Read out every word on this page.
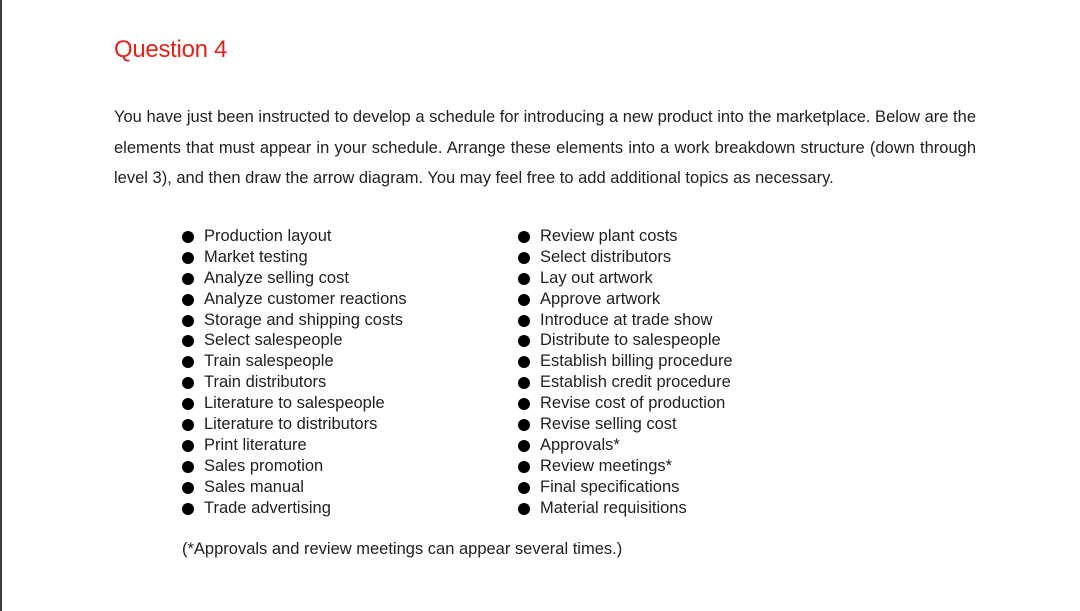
Question 4
You have just been instructed to develop a schedule for introducing a new product into the marketplace. Below are the elements that must appear in your schedule. Arrange these elements into a work breakdown structure (down through level 3), and then draw the arrow diagram. You may feel free to add additional topics as necessary.
Production layout
Market testing
Analyze selling cost
Analyze customer reactions
Storage and shipping costs
Select salespeople
Train salespeople
Train distributors
Literature to salespeople
Literature to distributors
Print literature
Sales promotion
Sales manual
Trade advertising
Review plant costs
Select distributors
Lay out artwork
Approve artwork
Introduce at trade show
Distribute to salespeople
Establish billing procedure
Establish credit procedure
Revise cost of production
Revise selling cost
Approvals*
Review meetings*
Final specifications
Material requisitions
(*Approvals and review meetings can appear several times.)
